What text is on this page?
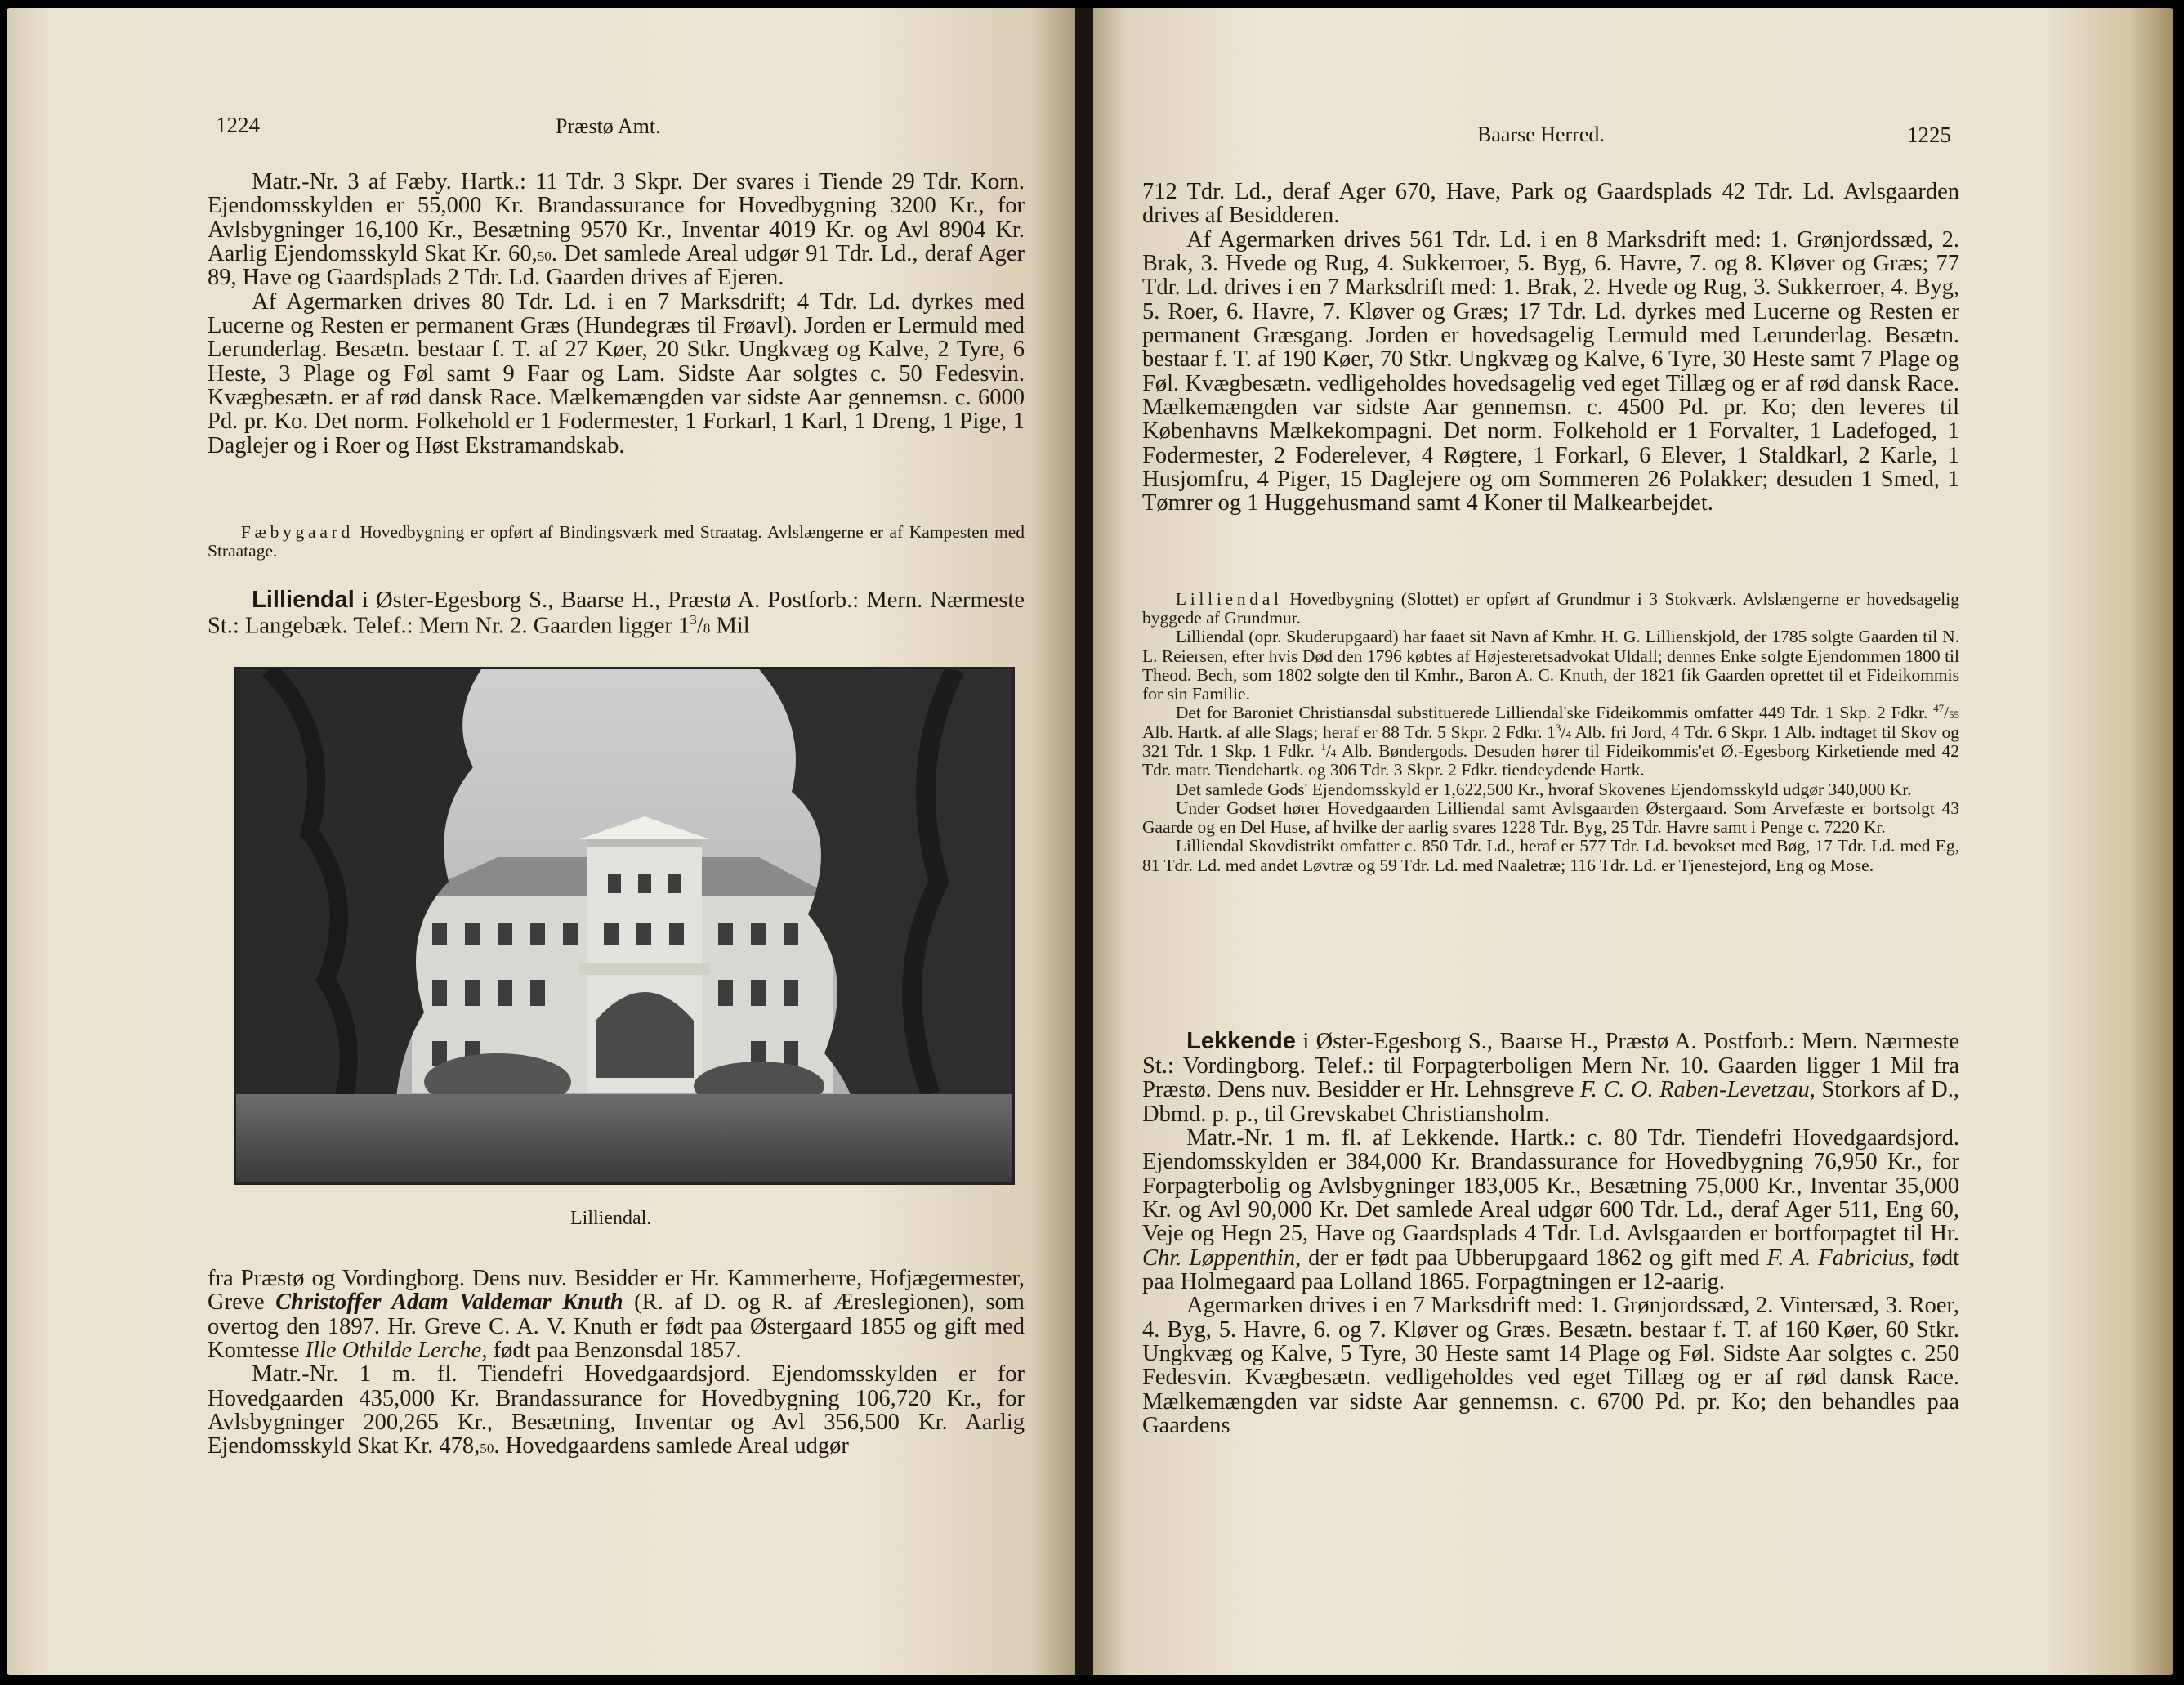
1224	Præstø Amt.

Matr.-Nr. 3 af Fæby. Hartk.: 11 Tdr. 3 Skpr. Der svares i Tiende 29 Tdr. Korn. Ejendomsskylden er 55,000 Kr. Brandassurance for Hovedbygning 3200 Kr., for Avlsbygninger 16,100 Kr., Besætning 9570 Kr., Inventar 4019 Kr. og Avl 8904 Kr. Aarlig Ejendomsskyld Skat Kr. 60,50. Det samlede Areal udgør 91 Tdr. Ld., deraf Ager 89, Have og Gaardsplads 2 Tdr. Ld. Gaarden drives af Ejeren.

Af Agermarken drives 80 Tdr. Ld. i en 7 Marksdrift; 4 Tdr. Ld. dyrkes med Lucerne og Resten er permanent Græs (Hundegræs til Frøavl). Jorden er Lermuld med Lerunderlag. Besætn. bestaar f. T. af 27 Køer, 20 Stkr. Ungkvæg og Kalve, 2 Tyre, 6 Heste, 3 Plage og Føl samt 9 Faar og Lam. Sidste Aar solgtes c. 50 Fedesvin. Kvægbesætn. er af rød dansk Race. Mælkemængden var sidste Aar gennemsn. c. 6000 Pd. pr. Ko. Det norm. Folkehold er 1 Fodermester, 1 Forkarl, 1 Karl, 1 Dreng, 1 Pige, 1 Daglejer og i Roer og Høst Ekstramandskab.

Fæbygaard Hovedbygning er opført af Bindingsværk med Straatag. Avlslængerne er af Kampesten med Straatage.

Lilliendal i Øster-Egesborg S., Baarse H., Præstø A. Postforb.: Mern. Nærmeste St.: Langebæk. Telef.: Mern Nr. 2. Gaarden ligger $1^3/8$ Mil

Lilliendal.

fra Præstø og Vordingborg. Dens nuv. Besidder er Hr. Kammerherre, Hofjægermester, Greve Christoffer Adam Valdemar Knuth (R. af D. og R. af Æreslegionen), som overtog den 1897. Hr. Greve C. A. V. Knuth er født paa Østergaard 1855 og gift med Komtesse Ille Othilde Lerche, født paa Benzonsdal 1857.

Matr.-Nr. 1 m. fl. Tiendefri Hovedgaardsjord. Ejendomsskylden er for Hovedgaarden 435,000 Kr. Brandassurance for Hovedbygning 106,720 Kr., for Avlsbygninger 200,265 Kr., Besætning, Inventar og Avl 356,500 Kr. Aarlig Ejendomsskyld Skat Kr. 478,50. Hovedgaardens samlede Areal udgør

Baarse Herred.	1225

712 Tdr. Ld., deraf Ager 670, Have, Park og Gaardsplads 42 Tdr. Ld. Avlsgaarden drives af Besidderen.

Af Agermarken drives 561 Tdr. Ld. i en 8 Marksdrift med: 1. Grønjordssæd, 2. Brak, 3. Hvede og Rug, 4. Sukkerroer, 5. Byg, 6. Havre, 7. og 8. Kløver og Græs; 77 Tdr. Ld. drives i en 7 Marksdrift med: 1. Brak, 2. Hvede og Rug, 3. Sukkerroer, 4. Byg, 5. Roer, 6. Havre, 7. Kløver og Græs; 17 Tdr. Ld. dyrkes med Lucerne og Resten er permanent Græsgang. Jorden er hovedsagelig Lermuld med Lerunderlag. Besætn. bestaar f. T. af 190 Køer, 70 Stkr. Ungkvæg og Kalve, 6 Tyre, 30 Heste samt 7 Plage og Føl. Kvægbesætn. vedligeholdes hovedsagelig ved eget Tillæg og er af rød dansk Race. Mælkemængden var sidste Aar gennemsn. c. 4500 Pd. pr. Ko; den leveres til Københavns Mælkekompagni. Det norm. Folkehold er 1 Forvalter, 1 Ladefoged, 1 Fodermester, 2 Foderelever, 4 Røgtere, 1 Forkarl, 6 Elever, 1 Staldkarl, 2 Karle, 1 Husjomfru, 4 Piger, 15 Daglejere og om Sommeren 26 Polakker; desuden 1 Smed, 1 Tømrer og 1 Huggehusmand samt 4 Koner til Malkearbejdet.

Lilliendal Hovedbygning (Slottet) er opført af Grundmur i 3 Stokværk. Avlslængerne er hovedsagelig byggede af Grundmur.

Lilliendal (opr. Skuderupgaard) har faaet sit Navn af Kmhr. H. G. Lillienskjold, der 1785 solgte Gaarden til N. L. Reiersen, efter hvis Død den 1796 købtes af Højesteretsadvokat Uldall; dennes Enke solgte Ejendommen 1800 til Theod. Bech, som 1802 solgte den til Kmhr., Baron A. C. Knuth, der 1821 fik Gaarden oprettet til et Fideikommis for sin Familie.

Det for Baroniet Christiansdal substituerede Lilliendal'ske Fideikommis omfatter 449 Tdr. 1 Skp. 2 Fdkr. $^{47}$/55 Alb. Hartk. af alle Slags; heraf er 88 Tdr. 5 Skpr. 2 Fdkr. $1^3/4$ Alb. fri Jord, 4 Tdr. 6 Skpr. 1 Alb. indtaget til Skov og 321 Tdr. 1 Skp. 1 Fdkr. $^1$/4 Alb. Bøndergods. Desuden hører til Fideikommis'et Ø.-Egesborg Kirketiende med 42 Tdr. matr. Tiendehartk. og 306 Tdr. 3 Skpr. 2 Fdkr. tiendeydende Hartk.

Det samlede Gods' Ejendomsskyld er 1,622,500 Kr., hvoraf Skovenes Ejendomsskyld udgør 340,000 Kr.

Under Godset hører Hovedgaarden Lilliendal samt Avlsgaarden Østergaard. Som Arvefæste er bortsolgt 43 Gaarde og en Del Huse, af hvilke der aarlig svares 1228 Tdr. Byg, 25 Tdr. Havre samt i Penge c. 7220 Kr.

Lilliendal Skovdistrikt omfatter c. 850 Tdr. Ld., heraf er 577 Tdr. Ld. bevokset med Bøg, 17 Tdr. Ld. med Eg, 81 Tdr. Ld. med andet Løvtræ og 59 Tdr. Ld. med Naaletræ; 116 Tdr. Ld. er Tjenestejord, Eng og Mose.

Lekkende i Øster-Egesborg S., Baarse H., Præstø A. Postforb.: Mern. Nærmeste St.: Vordingborg. Telef.: til Forpagterboligen Mern Nr. 10. Gaarden ligger 1 Mil fra Præstø. Dens nuv. Besidder er Hr. Lehnsgreve F. C. O. Raben-Levetzau, Storkors af D., Dbmd. p. p., til Grevskabet Christiansholm.

Matr.-Nr. 1 m. fl. af Lekkende. Hartk.: c. 80 Tdr. Tiendefri Hovedgaardsjord. Ejendomsskylden er 384,000 Kr. Brandassurance for Hovedbygning 76,950 Kr., for Forpagterbolig og Avlsbygninger 183,005 Kr., Besætning 75,000 Kr., Inventar 35,000 Kr. og Avl 90,000 Kr. Det samlede Areal udgør 600 Tdr. Ld., deraf Ager 511, Eng 60, Veje og Hegn 25, Have og Gaardsplads 4 Tdr. Ld. Avlsgaarden er bortforpagtet til Hr. Chr. Løppenthin, der er født paa Ubberupgaard 1862 og gift med F. A. Fabricius, født paa Holmegaard paa Lolland 1865. Forpagtningen er 12-aarig.

Agermarken drives i en 7 Marksdrift med: 1. Grønjordssæd, 2. Vintersæd, 3. Roer, 4. Byg, 5. Havre, 6. og 7. Kløver og Græs. Besætn. bestaar f. T. af 160 Køer, 60 Stkr. Ungkvæg og Kalve, 5 Tyre, 30 Heste samt 14 Plage og Føl. Sidste Aar solgtes c. 250 Fedesvin. Kvægbesætn. vedligeholdes ved eget Tillæg og er af rød dansk Race. Mælkemængden var sidste Aar gennemsn. c. 6700 Pd. pr. Ko; den behandles paa Gaardens
